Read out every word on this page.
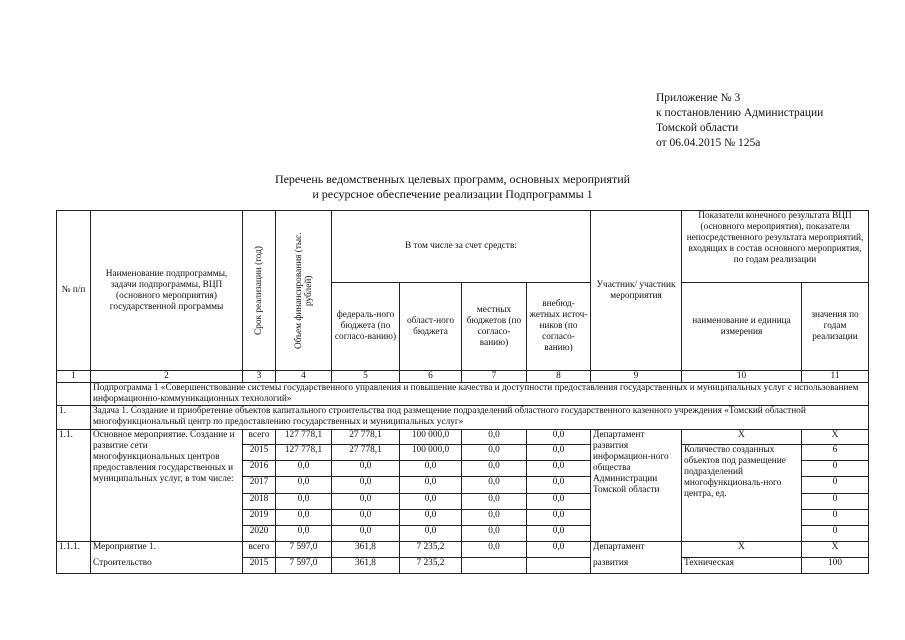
Приложение № 3
к постановлению Администрации
Томской области
от 06.04.2015 № 125а
Перечень ведомственных целевых программ, основных мероприятий
и ресурсное обеспечение реализации Подпрограммы 1
№ п/п	Наименование подпрограммы, задачи подпрограммы, ВЦП (основного мероприятия) государственной программы	Срок реализации (год)	Объем финансирования (тыс. рублей)	В том числе за счет средств:				Участник/ участник мероприятия	Показатели конечного результата ВЦП (основного мероприятия), показатели непосредственного результата мероприятий, входящих в состав основного мероприятия, по годам реализации	
				федераль-ного бюджета (по согласо-ванию)	област-ного бюджета	местных бюджетов (по согласо-ванию)	внебюд-жетных источ-ников (по согласо-ванию)		наименование и единица измерения	значения по годам реализации
1	2	3	4	5	6	7	8	9	10	11
	Подпрограмма 1 «Совершенствование системы государственного управления и повышение качества и доступности предоставления государственных и муниципальных услуг с использованием информационно-коммуникационных технологий»									
1.	Задача 1. Создание и приобретение объектов капитального строительства под размещение подразделений областного государственного казенного учреждения «Томский областной многофункциональный центр по предоставлению государственных и муниципальных услуг»									
1.1.	Основное мероприятие. Создание и развитие сети многофункциональных центров предоставления государственных и муниципальных услуг, в том числе:	всего	127 778,1	27 778,1	100 000,0	0,0	0,0	Департамент развития информацион-ного общества Администрации Томской области	Х	Х
		2015	127 778,1	27 778,1	100 000,0	0,0	0,0		Количество созданных объектов под размещение подразделений многофункциональ-ного центра, ед.	6
		2016	0,0	0,0	0,0	0,0	0,0			0
		2017	0,0	0,0	0,0	0,0	0,0			0
		2018	0,0	0,0	0,0	0,0	0,0			0
		2019	0,0	0,0	0,0	0,0	0,0			0
		2020	0,0	0,0	0,0	0,0	0,0			0
1.1.1.	Мероприятие 1.	всего	7 597,0	361,8	7 235,2	0,0	0,0	Департамент	Х	Х
	Строительство	2015	7 597,0	361,8	7 235,2			развития	Техническая	100
